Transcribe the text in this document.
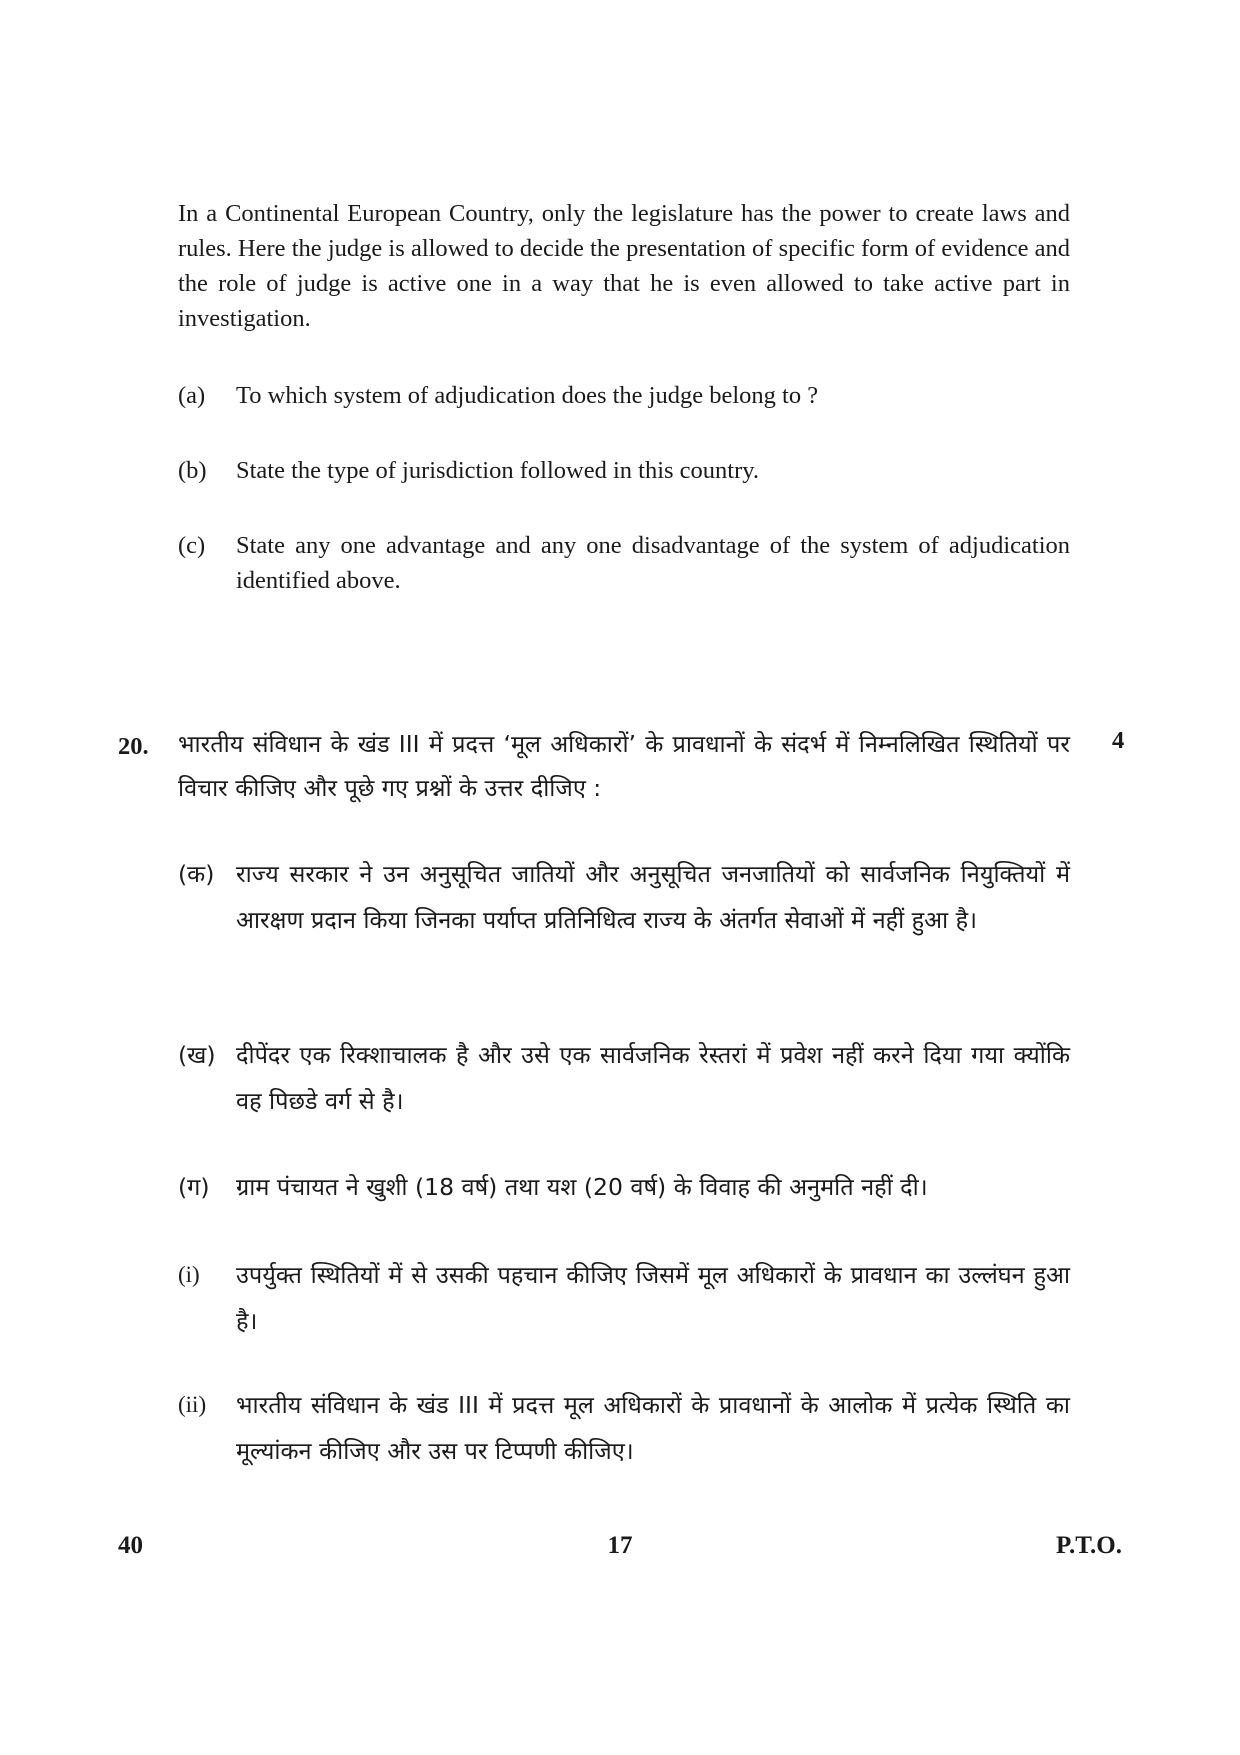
In a Continental European Country, only the legislature has the power to create laws and rules. Here the judge is allowed to decide the presentation of specific form of evidence and the role of judge is active one in a way that he is even allowed to take active part in investigation.
(a) To which system of adjudication does the judge belong to ?
(b) State the type of jurisdiction followed in this country.
(c) State any one advantage and any one disadvantage of the system of adjudication identified above.
20.	4
भारतीय संविधान के खंड III में प्रदत्त ‘मूल अधिकारों’ के प्रावधानों के संदर्भ में निम्नलिखित स्थितियों पर विचार कीजिए और पूछे गए प्रश्नों के उत्तर दीजिए :
(क) राज्य सरकार ने उन अनुसूचित जातियों और अनुसूचित जनजातियों को सार्वजनिक नियुक्तियों में आरक्षण प्रदान किया जिनका पर्याप्त प्रतिनिधित्व राज्य के अंतर्गत सेवाओं में नहीं हुआ है।
(ख) दीपेंदर एक रिक्शाचालक है और उसे एक सार्वजनिक रेस्तरां में प्रवेश नहीं करने दिया गया क्योंकि वह पिछडे वर्ग से है।
(ग) ग्राम पंचायत ने खुशी (18 वर्ष) तथा यश (20 वर्ष) के विवाह की अनुमति नहीं दी।
(i) उपर्युक्त स्थितियों में से उसकी पहचान कीजिए जिसमें मूल अधिकारों के प्रावधान का उल्लंघन हुआ है।
(ii) भारतीय संविधान के खंड III में प्रदत्त मूल अधिकारों के प्रावधानों के आलोक में प्रत्येक स्थिति का मूल्यांकन कीजिए और उस पर टिप्पणी कीजिए।
40	17	P.T.O.
